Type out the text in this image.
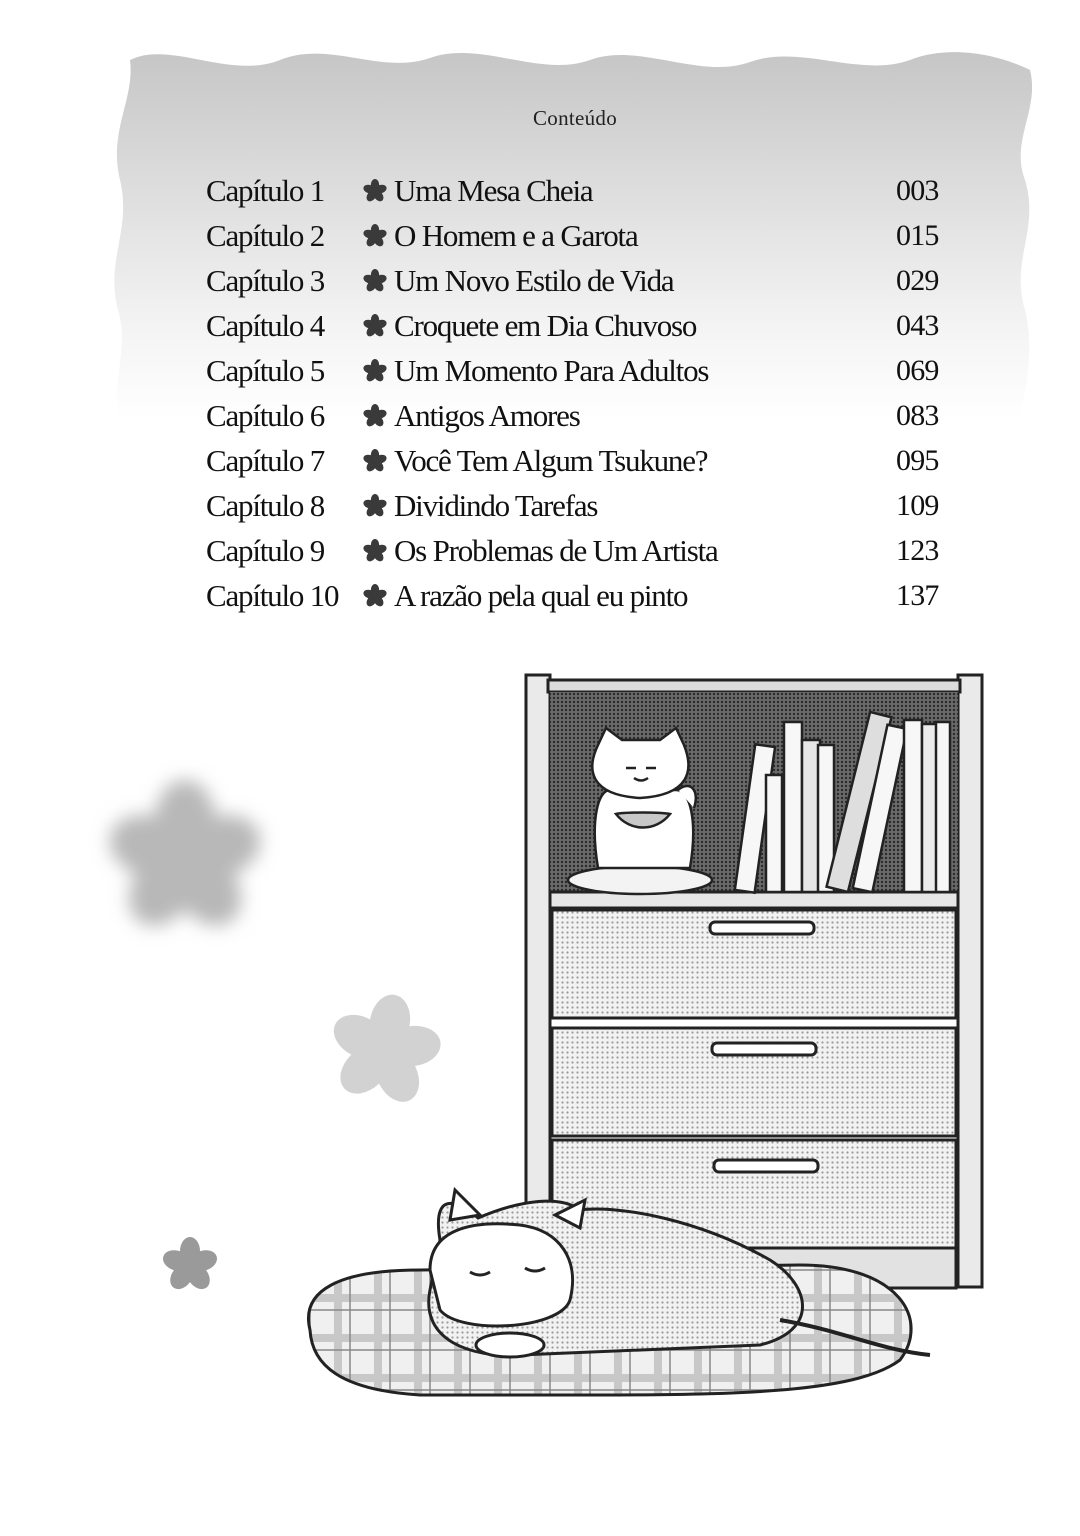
Conteúdo
Capítulo 1	Uma Mesa Cheia	003
Capítulo 2	O Homem e a Garota	015
Capítulo 3	Um Novo Estilo de Vida	029
Capítulo 4	Croquete em Dia Chuvoso	043
Capítulo 5	Um Momento Para Adultos	069
Capítulo 6	Antigos Amores	083
Capítulo 7	Você Tem Algum Tsukune?	095
Capítulo 8	Dividindo Tarefas	109
Capítulo 9	Os Problemas de Um Artista	123
Capítulo 10	A razão pela qual eu pinto	137
